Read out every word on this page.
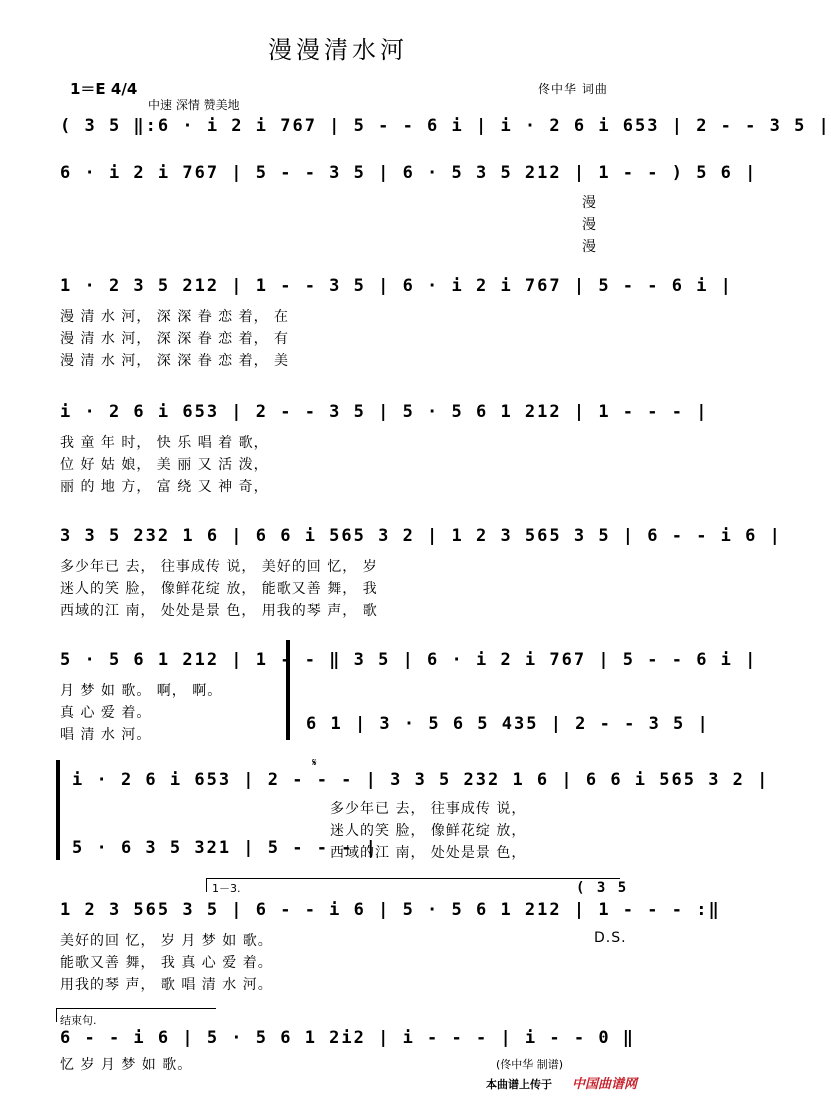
漫漫清水河
1＝E 4/4
中速 深情 赞美地
佟中华 词曲
( 3 5 ‖:6 · i 2 i 767 | 5 - - 6 i | i · 2 6 i 653 | 2 - - 3 5 |
6 · i 2 i 767 | 5 - - 3 5 | 6 · 5 3 5 212 | 1 - - ) 5 6 |
漫
漫
漫
1 · 2 3 5 212 | 1 - - 3 5 | 6 · i 2 i 767 | 5 - - 6 i |
漫 清 水 河， 深 深 眷 恋 着， 在
漫 清 水 河， 深 深 眷 恋 着， 有
漫 清 水 河， 深 深 眷 恋 着， 美
i · 2 6 i 653 | 2 - - 3 5 | 5 · 5 6 1 212 | 1 - - - |
我 童 年 时， 快 乐 唱 着 歌，
位 好 姑 娘， 美 丽 又 活 泼，
丽 的 地 方， 富 绕 又 神 奇，
3 3 5 232 1 6 | 6 6 i 565 3 2 | 1 2 3 565 3 5 | 6 - - i 6 |
多少年已 去， 往事成传 说， 美好的回 忆， 岁
迷人的笑 脸， 像鲜花绽 放， 能歌又善 舞， 我
西域的江 南， 处处是景 色， 用我的琴 声， 歌
5 · 5 6 1 212 | 1 - - ‖ 3 5 | 6 · i 2 i 767 | 5 - - 6 i |
6 1 | 3 · 5 6 5 435 | 2 - - 3 5 |
月 梦 如 歌。 啊， 啊。
真 心 爱 着。
唱 清 水 河。
i · 2 6 i 653 | 2 - - - | 3 3 5 232 1 6 | 6 6 i 565 3 2 |
5 · 6 3 5 321 | 5 - - - |
𝄋
多少年已 去， 往事成传 说，
迷人的笑 脸， 像鲜花绽 放，
西域的江 南， 处处是景 色，
1－3.	( 3 5
1 2 3 565 3 5 | 6 - - i 6 | 5 · 5 6 1 212 | 1 - - - :‖
美好的回 忆， 岁 月 梦 如 歌。	D.S.
能歌又善 舞， 我 真 心 爱 着。
用我的琴 声， 歌 唱 清 水 河。
结束句.
6 - - i 6 | 5 · 5 6 1 2i2 | i - - - | i - - 0 ‖
忆 岁 月 梦 如 歌。	(佟中华 制谱)
本曲谱上传于 中国曲谱网
